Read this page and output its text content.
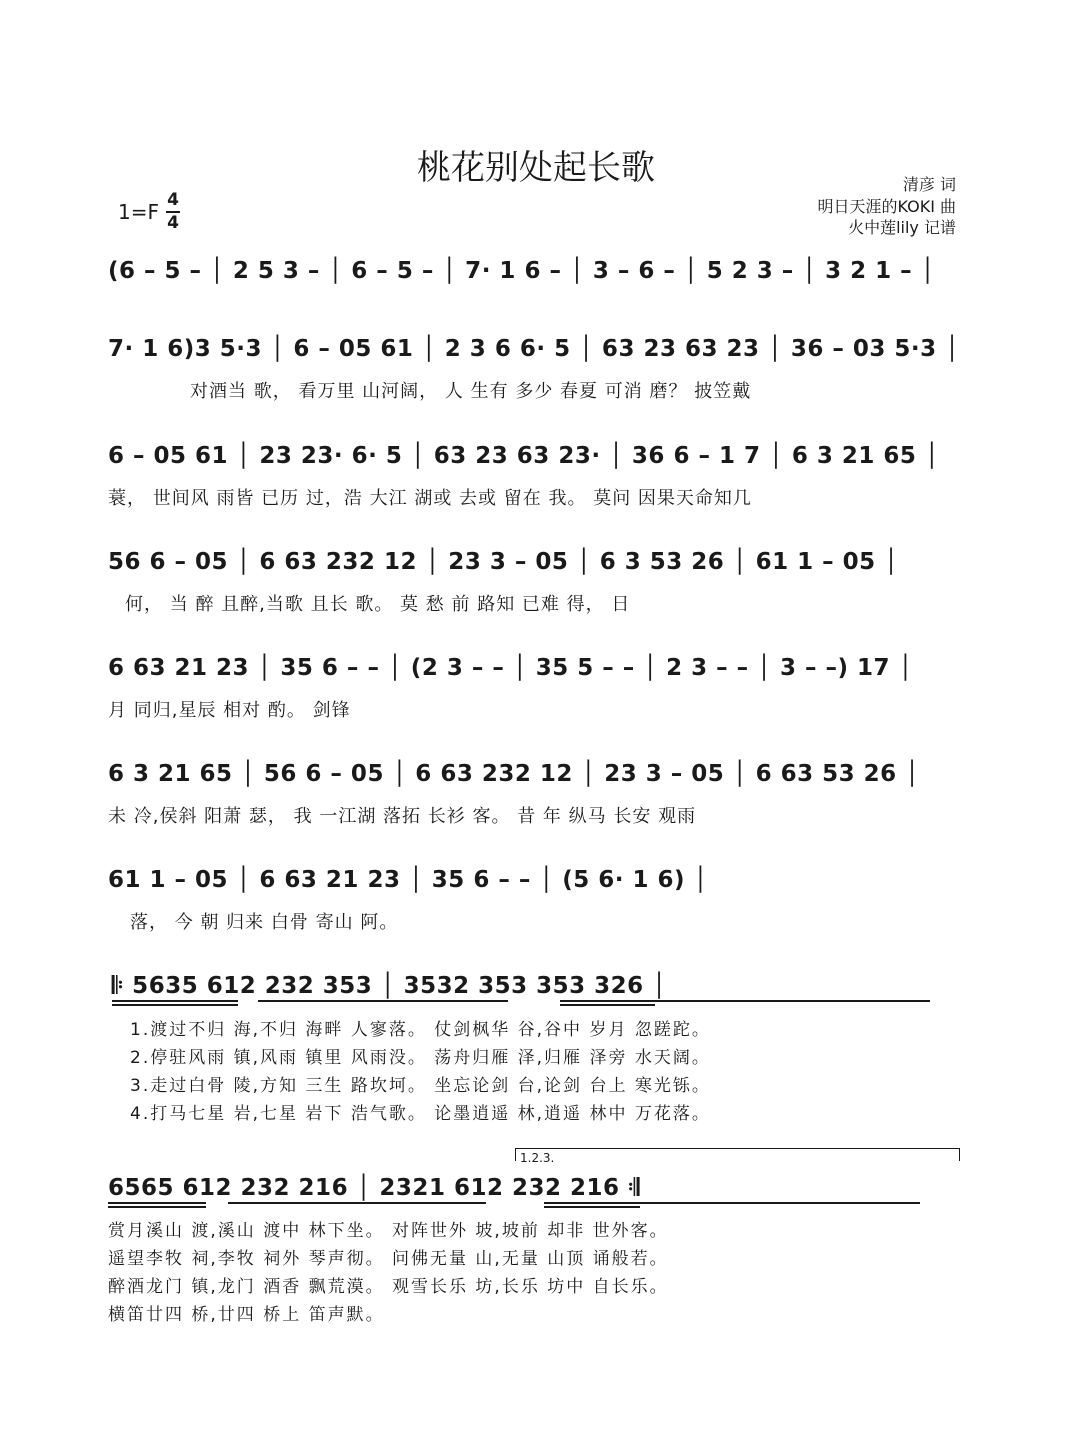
桃花别处起长歌	清彦 词
明日天涯的KOKI 曲
火中莲lily 记谱
1=F 4
4
(6 – 5 – │ 2 5 3 – │ 6 – 5 – │ 7· 1 6 – │ 3 – 6 – │ 5 2 3 – │ 3 2 1 – │
7· 1 6)3 5·3 │ 6 – 05 61 │ 2 3 6 6· 5 │ 63 23 63 23 │ 36 – 03 5·3 │
对酒当 歌， 看万里 山河阔， 人 生有 多少 春夏 可消 磨？ 披笠戴
6 – 05 61 │ 23 23· 6· 5 │ 63 23 63 23· │ 36 6 – 1 7 │ 6 3 21 65 │
蓑， 世间风 雨皆 已历 过，浩 大江 湖或 去或 留在 我。 莫问 因果天命知几
56 6 – 05 │ 6 63 232 12 │ 23 3 – 05 │ 6 3 53 26 │ 61 1 – 05 │
何， 当 醉 且醉,当歌 且长 歌。 莫 愁 前 路知 已难 得， 日
6 63 21 23 │ 35 6 – – │ (2 3 – – │ 35 5 – – │ 2 3 – – │ 3 – –) 17 │
月 同归,星辰 相对 酌。 剑锋
6 3 21 65 │ 56 6 – 05 │ 6 63 232 12 │ 23 3 – 05 │ 6 63 53 26 │
未 冷,侯斜 阳萧 瑟， 我 一江湖 落拓 长衫 客。 昔 年 纵马 长安 观雨
61 1 – 05 │ 6 63 21 23 │ 35 6 – – │ (5 6· 1 6) │
落， 今 朝 归来 白骨 寄山 阿。
𝄆 5635 612 232 353 │ 3532 353 353 326 │
1.渡过不归 海,不归 海畔 人寥落。 仗剑枫华 谷,谷中 岁月 忽蹉跎。
2.停驻风雨 镇,风雨 镇里 风雨没。 荡舟归雁 泽,归雁 泽旁 水天阔。
3.走过白骨 陵,方知 三生 路坎坷。 坐忘论剑 台,论剑 台上 寒光铄。
4.打马七星 岩,七星 岩下 浩气歌。 论墨逍遥 林,逍遥 林中 万花落。
1.2.3.
6565 612 232 216 │ 2321 612 232 216 𝄇
赏月溪山 渡,溪山 渡中 林下坐。 对阵世外 坡,坡前 却非 世外客。
遥望李牧 祠,李牧 祠外 琴声彻。 问佛无量 山,无量 山顶 诵般若。
醉酒龙门 镇,龙门 酒香 飘荒漠。 观雪长乐 坊,长乐 坊中 自长乐。
横笛廿四 桥,廿四 桥上 笛声默。
